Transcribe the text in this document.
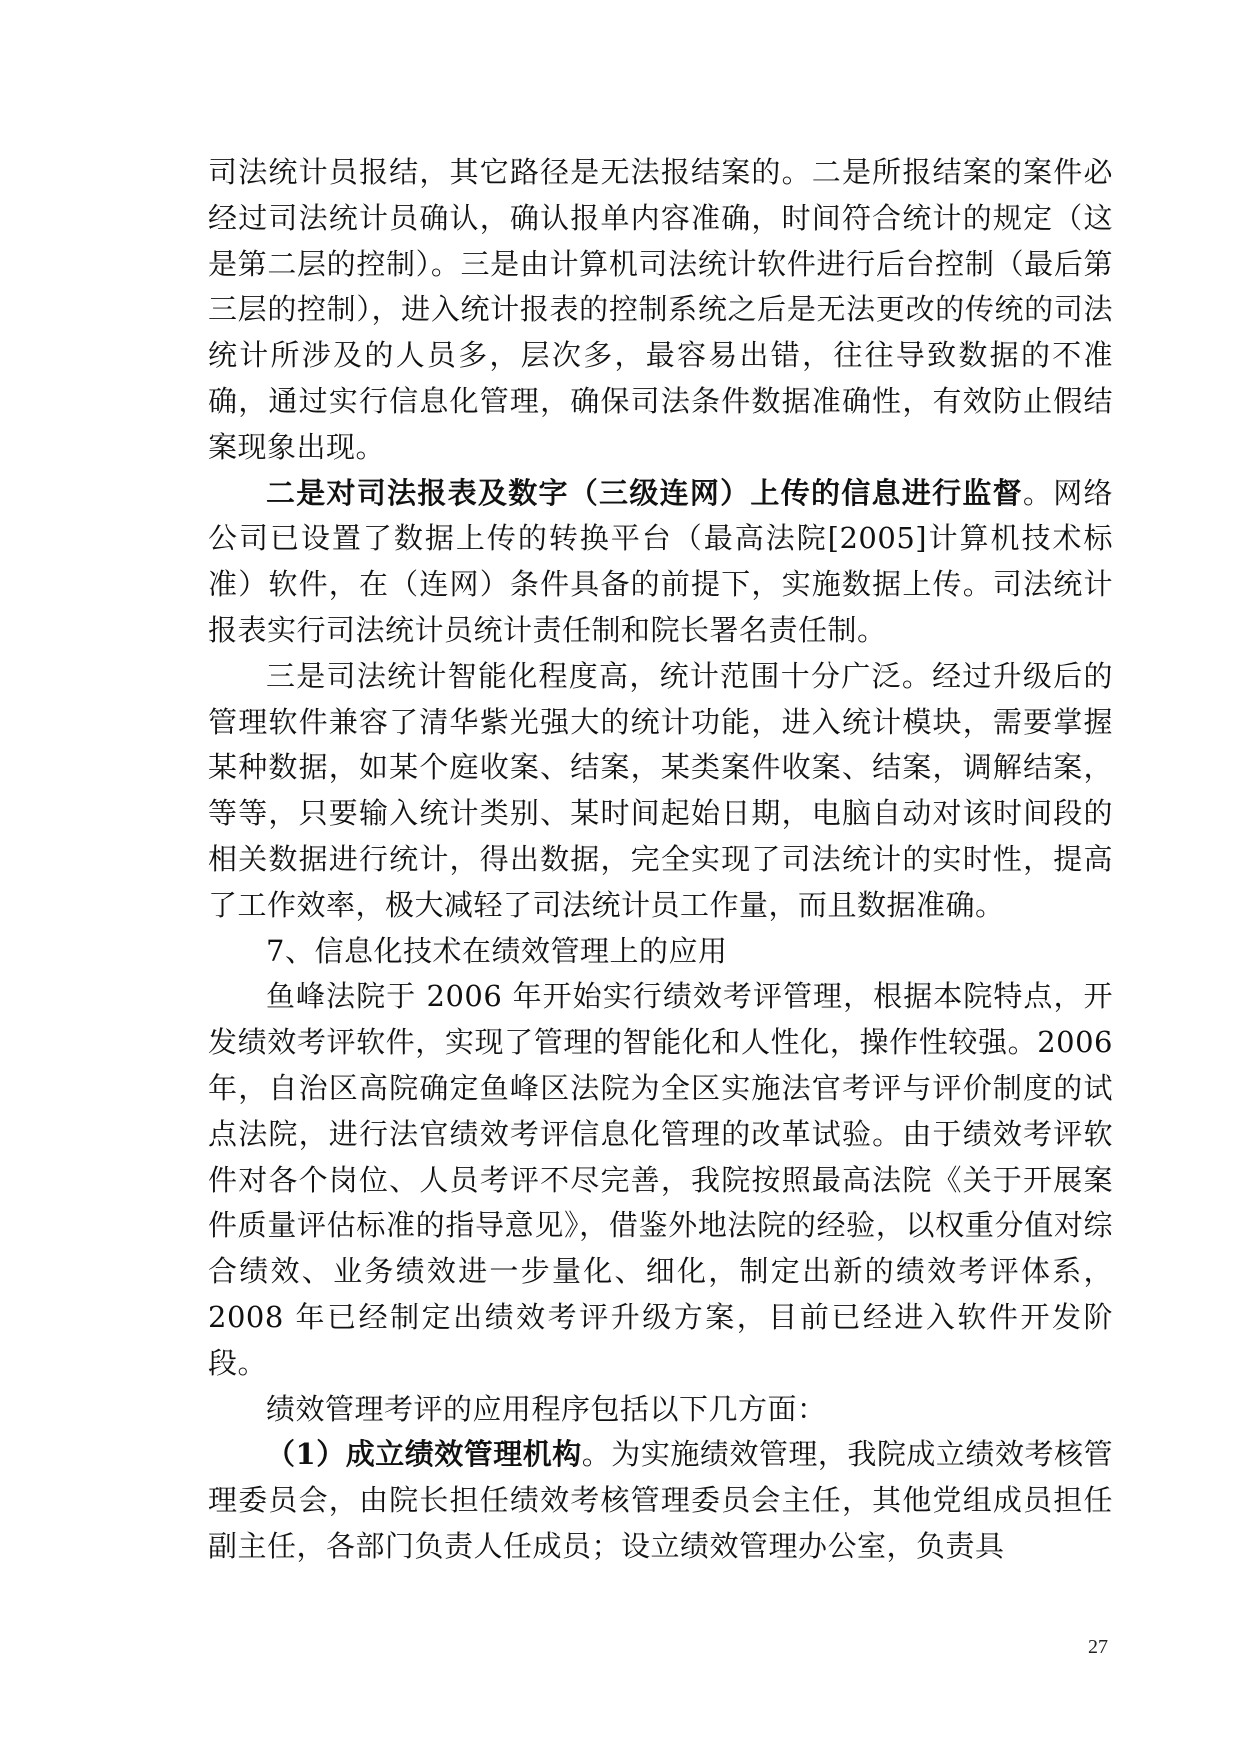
司法统计员报结，其它路径是无法报结案的。二是所报结案的案件必经过司法统计员确认，确认报单内容准确，时间符合统计的规定（这是第二层的控制）。三是由计算机司法统计软件进行后台控制（最后第三层的控制），进入统计报表的控制系统之后是无法更改的传统的司法统计所涉及的人员多，层次多，最容易出错，往往导致数据的不准确，通过实行信息化管理，确保司法条件数据准确性，有效防止假结案现象出现。

二是对司法报表及数字（三级连网）上传的信息进行监督。网络公司已设置了数据上传的转换平台（最高法院[2005]计算机技术标准）软件，在（连网）条件具备的前提下，实施数据上传。司法统计报表实行司法统计员统计责任制和院长署名责任制。

三是司法统计智能化程度高，统计范围十分广泛。经过升级后的管理软件兼容了清华紫光强大的统计功能，进入统计模块，需要掌握某种数据，如某个庭收案、结案，某类案件收案、结案，调解结案，等等，只要输入统计类别、某时间起始日期，电脑自动对该时间段的相关数据进行统计，得出数据，完全实现了司法统计的实时性，提高了工作效率，极大减轻了司法统计员工作量，而且数据准确。

7、信息化技术在绩效管理上的应用

鱼峰法院于 2006 年开始实行绩效考评管理，根据本院特点，开发绩效考评软件，实现了管理的智能化和人性化，操作性较强。2006 年，自治区高院确定鱼峰区法院为全区实施法官考评与评价制度的试点法院，进行法官绩效考评信息化管理的改革试验。由于绩效考评软件对各个岗位、人员考评不尽完善，我院按照最高法院《关于开展案件质量评估标准的指导意见》，借鉴外地法院的经验，以权重分值对综合绩效、业务绩效进一步量化、细化，制定出新的绩效考评体系，2008 年已经制定出绩效考评升级方案，目前已经进入软件开发阶段。

绩效管理考评的应用程序包括以下几方面：

（1）成立绩效管理机构。为实施绩效管理，我院成立绩效考核管理委员会，由院长担任绩效考核管理委员会主任，其他党组成员担任副主任，各部门负责人任成员；设立绩效管理办公室，负责具

27
